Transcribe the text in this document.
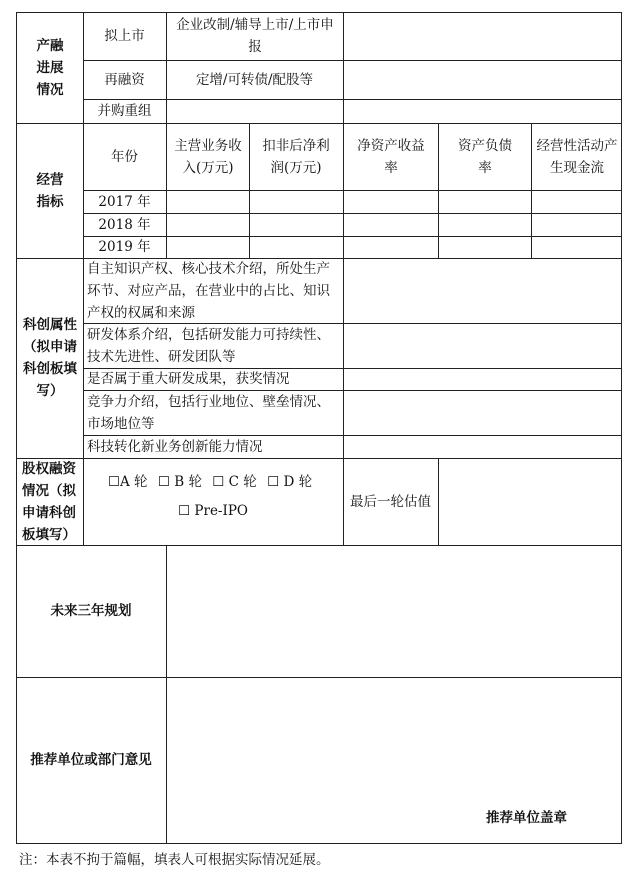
产融进展情况
拟上市
企业改制/辅导上市/上市申报
再融资	定增/可转债/配股等
并购重组
经营指标
年份
主营业务收入(万元)
扣非后净利润(万元)
净资产收益率
资产负债率
经营性活动产生现金流
2017 年
2018 年
2019 年
科创属性（拟申请科创板填写）
自主知识产权、核心技术介绍，所处生产环节、对应产品，在营业中的占比、知识产权的权属和来源
研发体系介绍，包括研发能力可持续性、技术先进性、研发团队等
是否属于重大研发成果，获奖情况
竞争力介绍，包括行业地位、壁垒情况、市场地位等
科技转化新业务创新能力情况
股权融资情况（拟申请科创板填写）
☐A 轮 ☐ B 轮 ☐ C 轮 ☐ D 轮
☐ Pre-IPO
最后一轮估值
未来三年规划
推荐单位或部门意见
推荐单位盖章
注：本表不拘于篇幅，填表人可根据实际情况延展。
